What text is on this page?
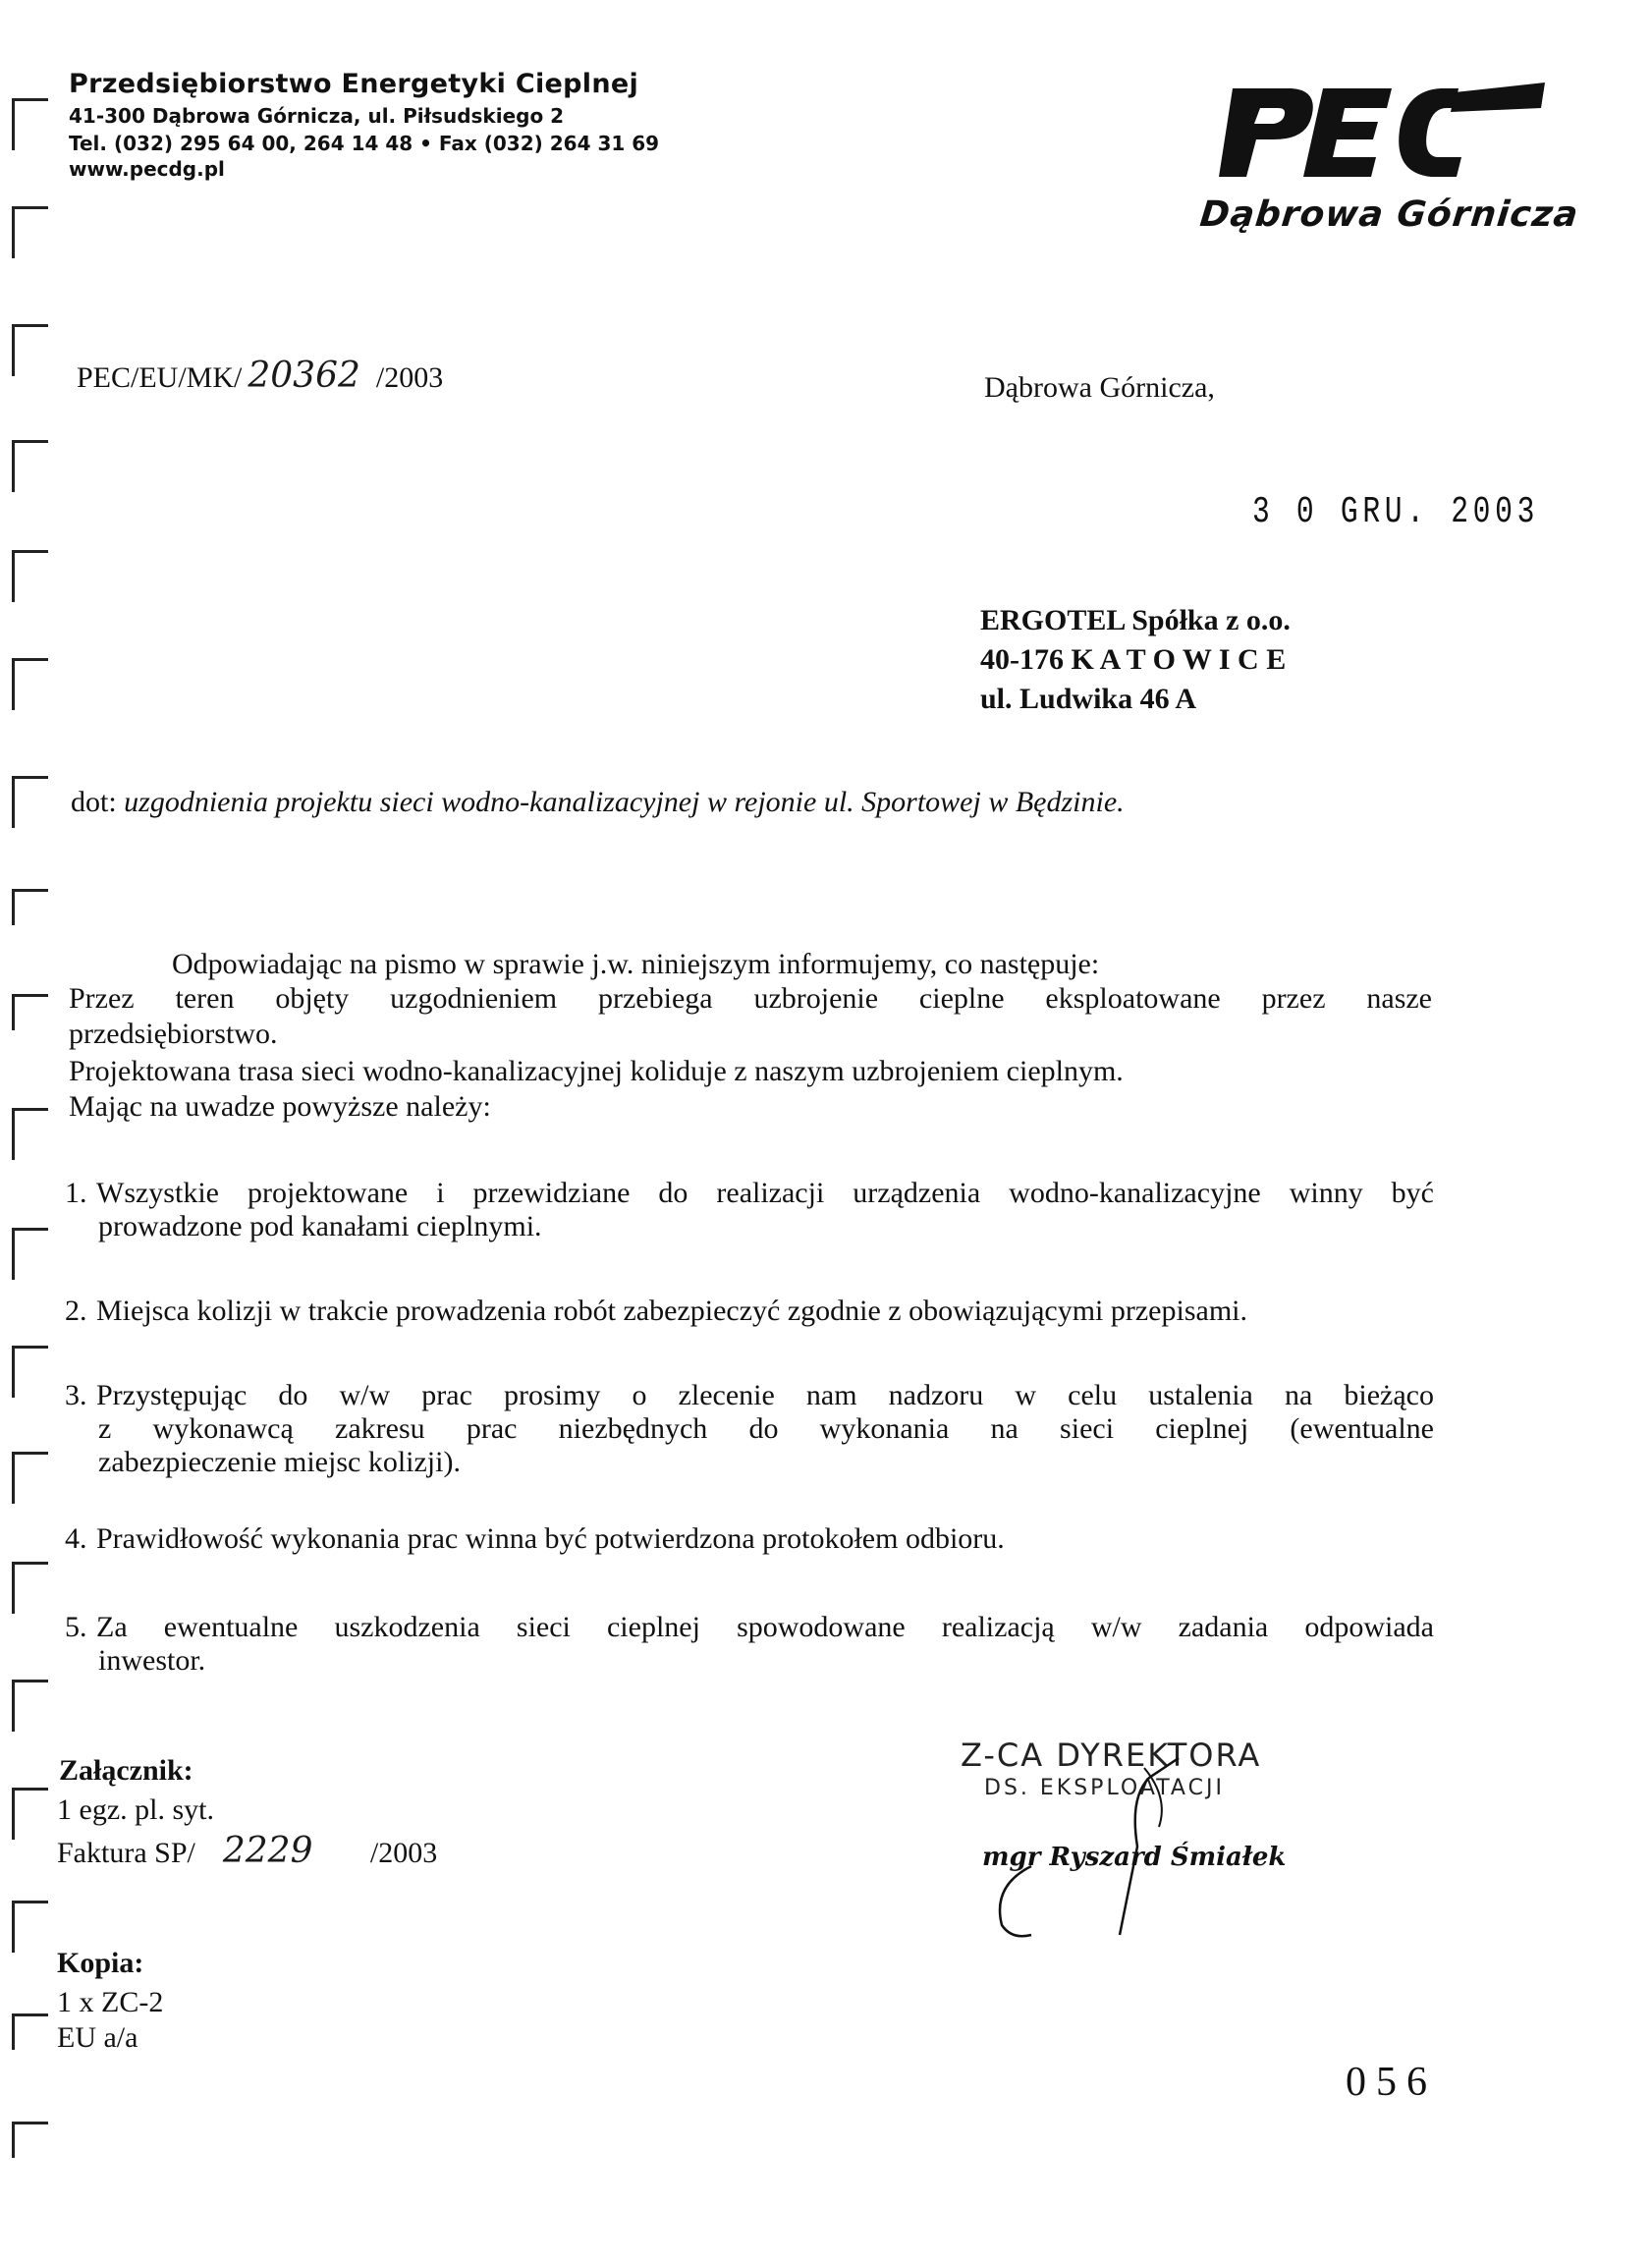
Przedsiębiorstwo Energetyki Cieplnej
41-300 Dąbrowa Górnicza, ul. Piłsudskiego 2
Tel. (032) 295 64 00, 264 14 48 • Fax (032) 264 31 69
www.pecdg.pl
Dąbrowa Górnicza
PEC/EU/MK/ 20362 /2003	Dąbrowa Górnicza,
3 0 GRU. 2003
ERGOTEL Spółka z o.o.
40-176 K A T O W I C E
ul. Ludwika 46 A
dot: uzgodnienia projektu sieci wodno-kanalizacyjnej w rejonie ul. Sportowej w Będzinie.
Odpowiadając na pismo w sprawie j.w. niniejszym informujemy, co następuje:
Przez teren objęty uzgodnieniem przebiega uzbrojenie cieplne eksploatowane przez nasze
przedsiębiorstwo.
Projektowana trasa sieci wodno-kanalizacyjnej koliduje z naszym uzbrojeniem cieplnym.
Mając na uwadze powyższe należy:
1. Wszystkie projektowane i przewidziane do realizacji urządzenia wodno-kanalizacyjne winny być
prowadzone pod kanałami cieplnymi.
2. Miejsca kolizji w trakcie prowadzenia robót zabezpieczyć zgodnie z obowiązującymi przepisami.
3. Przystępując do w/w prac prosimy o zlecenie nam nadzoru w celu ustalenia na bieżąco
z wykonawcą zakresu prac niezbędnych do wykonania na sieci cieplnej (ewentualne
zabezpieczenie miejsc kolizji).
4. Prawidłowość wykonania prac winna być potwierdzona protokołem odbioru.
5. Za ewentualne uszkodzenia sieci cieplnej spowodowane realizacją w/w zadania odpowiada
inwestor.
Załącznik:
1 egz. pl. syt.
Faktura SP/ 2229 /2003
Kopia:
1 x ZC-2
EU a/a
Z-CA DYREKTORA
DS. EKSPLOATACJI
mgr Ryszard Śmiałek
056
